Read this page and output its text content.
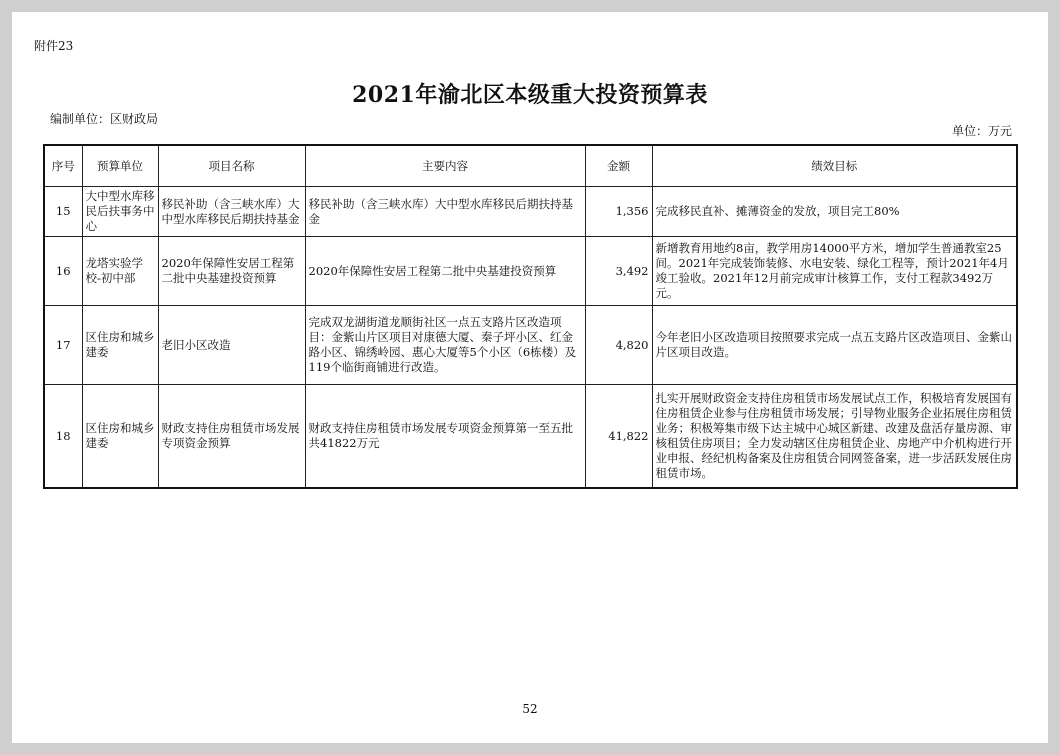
附件23
2021年渝北区本级重大投资预算表
编制单位：区财政局
单位：万元
序号	预算单位	项目名称	主要内容	金额	绩效目标
15	大中型水库移民后扶事务中心	移民补助（含三峡水库）大中型水库移民后期扶持基金	移民补助（含三峡水库）大中型水库移民后期扶持基金	1,356	完成移民直补、摊薄资金的发放，项目完工80%
16	龙塔实验学校-初中部	2020年保障性安居工程第二批中央基建投资预算	2020年保障性安居工程第二批中央基建投资预算	3,492	新增教育用地约8亩，教学用房14000平方米，增加学生普通教室25间。2021年完成装饰装修、水电安装、绿化工程等，预计2021年4月竣工验收。2021年12月前完成审计核算工作，支付工程款3492万元。
17	区住房和城乡建委	老旧小区改造	完成双龙湖街道龙顺街社区一点五支路片区改造项目：金紫山片区项目对康德大厦、秦子坪小区、红金路小区、锦绣岭园、惠心大厦等5个小区（6栋楼）及119个临街商铺进行改造。	4,820	今年老旧小区改造项目按照要求完成一点五支路片区改造项目、金紫山片区项目改造。
18	区住房和城乡建委	财政支持住房租赁市场发展专项资金预算	财政支持住房租赁市场发展专项资金预算第一至五批共41822万元	41,822	扎实开展财政资金支持住房租赁市场发展试点工作，积极培育发展国有住房租赁企业参与住房租赁市场发展；引导物业服务企业拓展住房租赁业务；积极筹集市级下达主城中心城区新建、改建及盘活存量房源、审核租赁住房项目；全力发动辖区住房租赁企业、房地产中介机构进行开业申报、经纪机构备案及住房租赁合同网签备案，进一步活跃发展住房租赁市场。
52
